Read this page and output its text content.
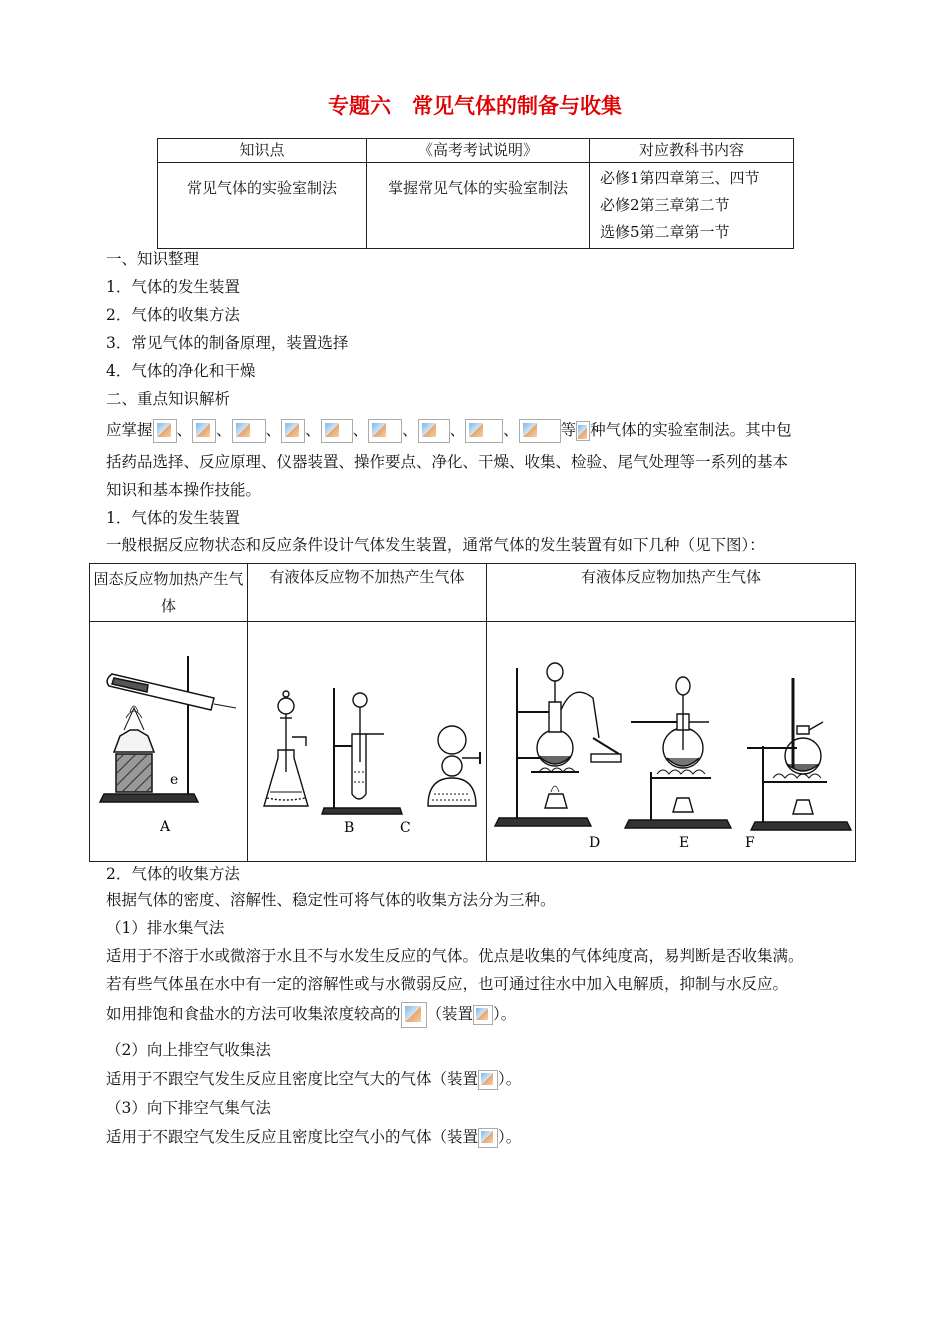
专题六　常见气体的制备与收集
知识点	《高考考试说明》	对应教科书内容
常见气体的实验室制法	掌握常见气体的实验室制法	必修1第四章第三、四节
必修2第三章第二节
选修5第二章第一节
一、知识整理
1．气体的发生装置
2．气体的收集方法
3．常见气体的制备原理，装置选择
4．气体的净化和干燥
二、重点知识解析
应掌握 、 、 、 、 、 、 、 、	等 种气体的实验室制法。其中包
括药品选择、反应原理、仪器装置、操作要点、净化、干燥、收集、检验、尾气处理等一系列的基本
知识和基本操作技能。
1．气体的发生装置
一般根据反应物状态和反应条件设计气体发生装置，通常气体的发生装置有如下几种（见下图）：
固态反应物加热产生气体	有液体反应物不加热产生气体	有液体反应物加热产生气体

e
A	B C	D E F
2．气体的收集方法
根据气体的密度、溶解性、稳定性可将气体的收集方法分为三种。
（1）排水集气法
适用于不溶于水或微溶于水且不与水发生反应的气体。优点是收集的气体纯度高，易判断是否收集满。
若有些气体虽在水中有一定的溶解性或与水微弱反应，也可通过往水中加入电解质，抑制与水反应。
如用排饱和食盐水的方法可收集浓度较高的 （装置 ）。
（2）向上排空气收集法
适用于不跟空气发生反应且密度比空气大的气体（装置 ）。
（3）向下排空气集气法
适用于不跟空气发生反应且密度比空气小的气体（装置 ）。
